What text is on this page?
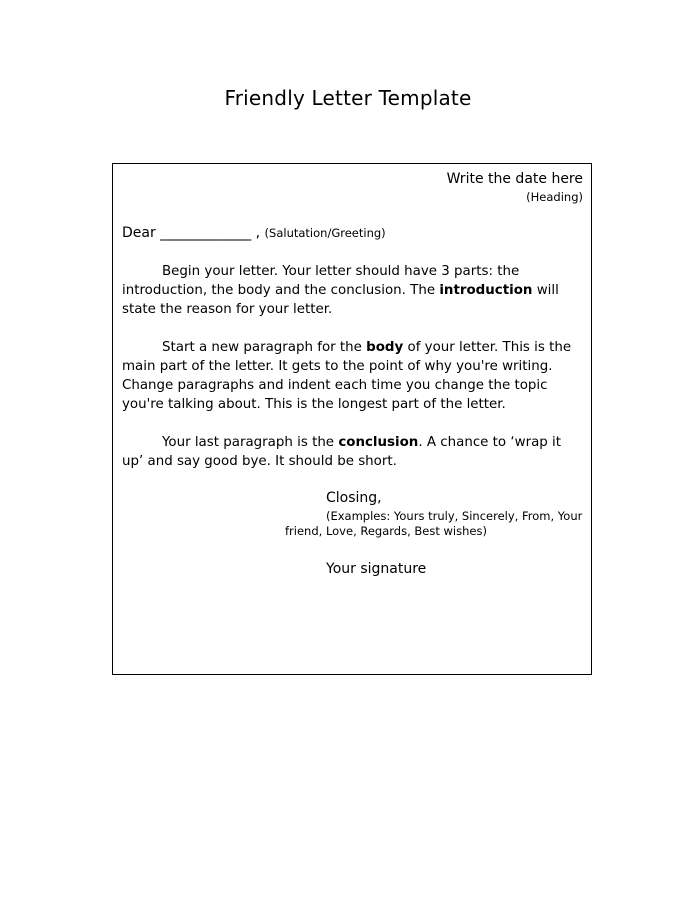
Friendly Letter Template
Write the date here
(Heading)
Dear _____________ , (Salutation/Greeting)
Begin your letter. Your letter should have 3 parts: the introduction, the body and the conclusion. The introduction will state the reason for your letter.
Start a new paragraph for the body of your letter. This is the main part of the letter. It gets to the point of why you're writing. Change paragraphs and indent each time you change the topic you're talking about. This is the longest part of the letter.
Your last paragraph is the conclusion. A chance to ‘wrap it up’ and say good bye. It should be short.
Closing,
(Examples: Yours truly, Sincerely, From, Your friend, Love, Regards, Best wishes)
Your signature
